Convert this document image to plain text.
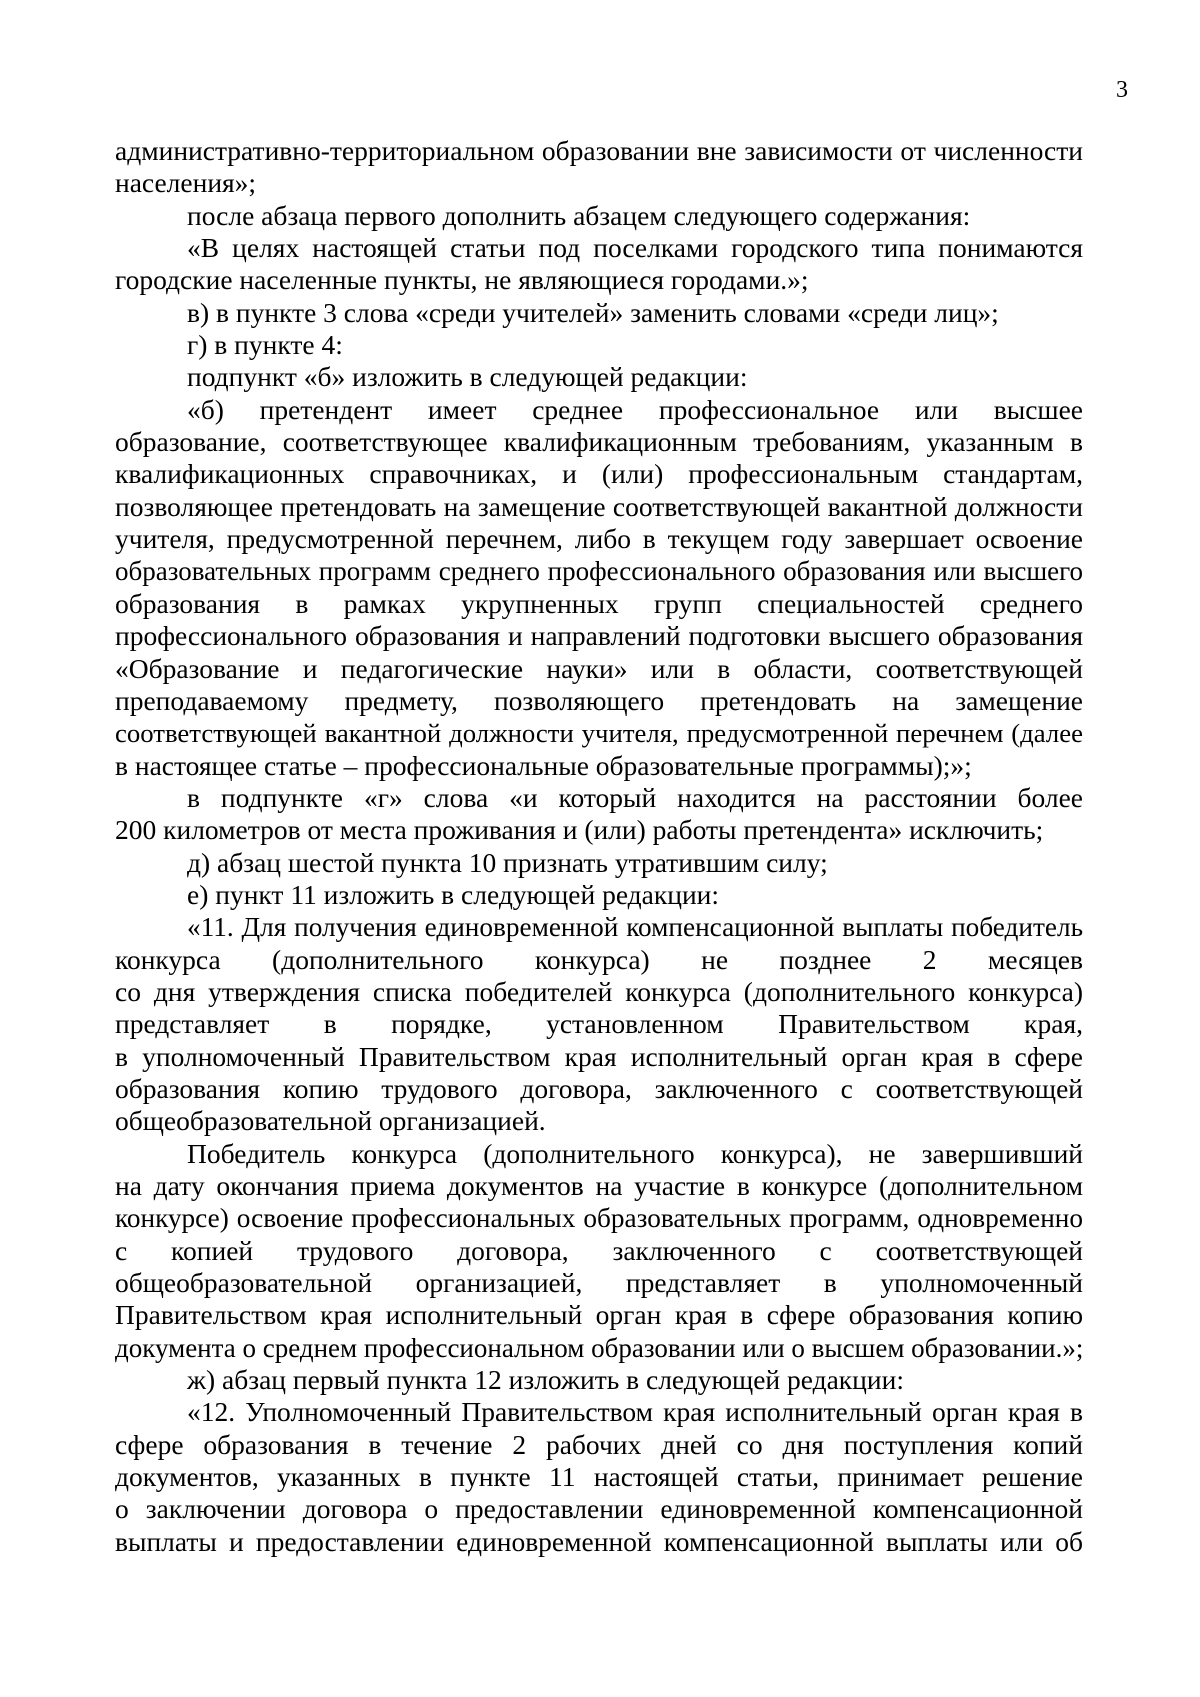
3
административно-территориальном образовании вне зависимости от численности
населения»;
после абзаца первого дополнить абзацем следующего содержания:
«В целях настоящей статьи под поселками городского типа понимаются
городские населенные пункты, не являющиеся городами.»;
в) в пункте 3 слова «среди учителей» заменить словами «среди лиц»;
г) в пункте 4:
подпункт «б» изложить в следующей редакции:
«б) претендент имеет среднее профессиональное или высшее
образование, соответствующее квалификационным требованиям, указанным в
квалификационных справочниках, и (или) профессиональным стандартам,
позволяющее претендовать на замещение соответствующей вакантной должности
учителя, предусмотренной перечнем, либо в текущем году завершает освоение
образовательных программ среднего профессионального образования или высшего
образования в рамках укрупненных групп специальностей среднего
профессионального образования и направлений подготовки высшего образования
«Образование и педагогические науки» или в области, соответствующей
преподаваемому предмету, позволяющего претендовать на замещение
соответствующей вакантной должности учителя, предусмотренной перечнем (далее
в настоящее статье – профессиональные образовательные программы);»;
в подпункте «г» слова «и который находится на расстоянии более
200 километров от места проживания и (или) работы претендента» исключить;
д) абзац шестой пункта 10 признать утратившим силу;
е) пункт 11 изложить в следующей редакции:
«11. Для получения единовременной компенсационной выплаты победитель
конкурса (дополнительного конкурса) не позднее 2 месяцев
со дня утверждения списка победителей конкурса (дополнительного конкурса)
представляет в порядке, установленном Правительством края,
в уполномоченный Правительством края исполнительный орган края в сфере
образования копию трудового договора, заключенного с соответствующей
общеобразовательной организацией.
Победитель конкурса (дополнительного конкурса), не завершивший
на дату окончания приема документов на участие в конкурсе (дополнительном
конкурсе) освоение профессиональных образовательных программ, одновременно
с копией трудового договора, заключенного с соответствующей
общеобразовательной организацией, представляет в уполномоченный
Правительством края исполнительный орган края в сфере образования копию
документа о среднем профессиональном образовании или о высшем образовании.»;
ж) абзац первый пункта 12 изложить в следующей редакции:
«12. Уполномоченный Правительством края исполнительный орган края в
сфере образования в течение 2 рабочих дней со дня поступления копий
документов, указанных в пункте 11 настоящей статьи, принимает решение
о заключении договора о предоставлении единовременной компенсационной
выплаты и предоставлении единовременной компенсационной выплаты или об
